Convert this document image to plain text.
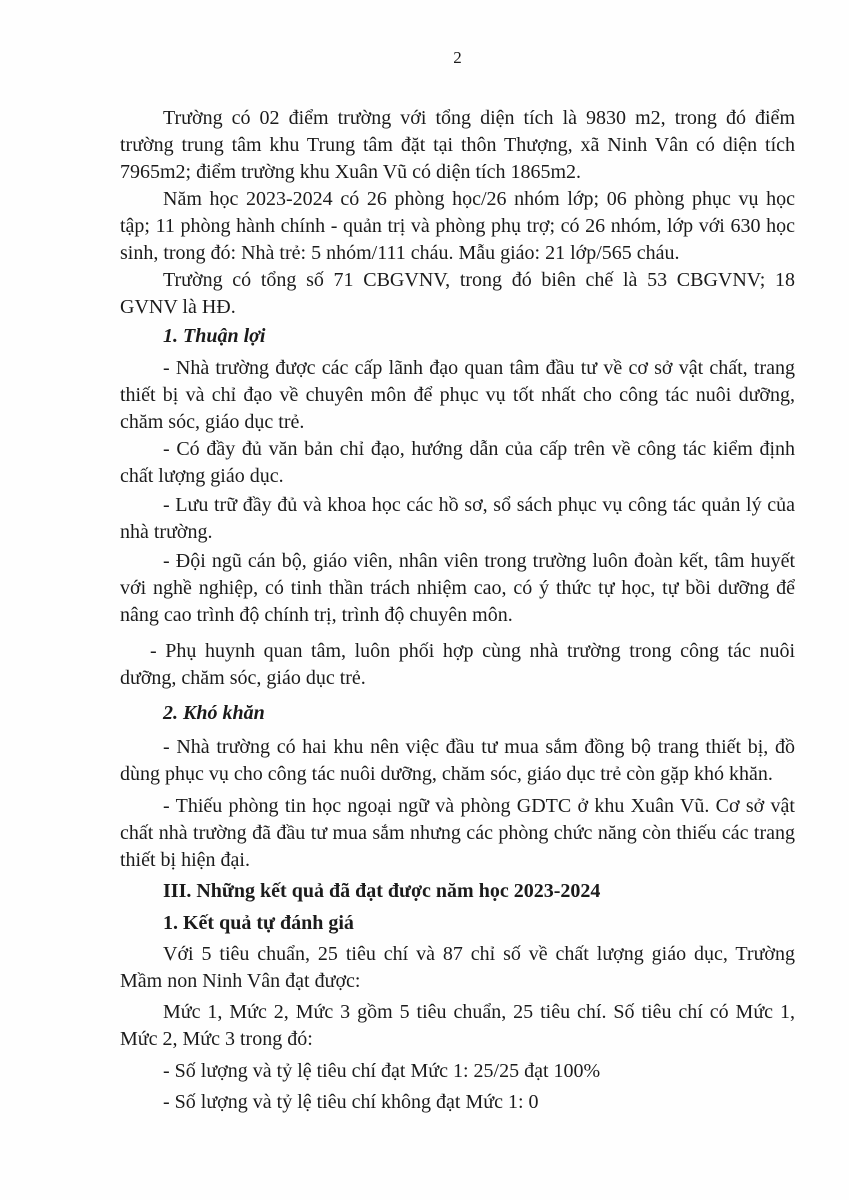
2

Trường có 02 điểm trường với tổng diện tích là 9830 m2, trong đó điểm trường trung tâm khu Trung tâm đặt tại thôn Thượng, xã Ninh Vân có diện tích 7965m2; điểm trường khu Xuân Vũ có diện tích 1865m2.

Năm học 2023-2024 có 26 phòng học/26 nhóm lớp; 06 phòng phục vụ học tập; 11 phòng hành chính - quản trị và phòng phụ trợ; có 26 nhóm, lớp với 630 học sinh, trong đó: Nhà trẻ: 5 nhóm/111 cháu. Mẫu giáo: 21 lớp/565 cháu.

Trường có tổng số 71 CBGVNV, trong đó biên chế là 53 CBGVNV; 18 GVNV là HĐ.

1. Thuận lợi

- Nhà trường được các cấp lãnh đạo quan tâm đầu tư về cơ sở vật chất, trang thiết bị và chỉ đạo về chuyên môn để phục vụ tốt nhất cho công tác nuôi dưỡng, chăm sóc, giáo dục trẻ.

- Có đầy đủ văn bản chỉ đạo, hướng dẫn của cấp trên về công tác kiểm định chất lượng giáo dục.

- Lưu trữ đầy đủ và khoa học các hồ sơ, sổ sách phục vụ công tác quản lý của nhà trường.

- Đội ngũ cán bộ, giáo viên, nhân viên trong trường luôn đoàn kết, tâm huyết với nghề nghiệp, có tinh thần trách nhiệm cao, có ý thức tự học, tự bồi dưỡng để nâng cao trình độ chính trị, trình độ chuyên môn.

- Phụ huynh quan tâm, luôn phối hợp cùng nhà trường trong công tác nuôi dưỡng, chăm sóc, giáo dục trẻ.

2. Khó khăn

- Nhà trường có hai khu nên việc đầu tư mua sắm đồng bộ trang thiết bị, đồ dùng phục vụ cho công tác nuôi dưỡng, chăm sóc, giáo dục trẻ còn gặp khó khăn.

- Thiếu phòng tin học ngoại ngữ và phòng GDTC ở khu Xuân Vũ. Cơ sở vật chất nhà trường đã đầu tư mua sắm nhưng các phòng chức năng còn thiếu các trang thiết bị hiện đại.

III. Những kết quả đã đạt được năm học 2023-2024

1. Kết quả tự đánh giá

Với 5 tiêu chuẩn, 25 tiêu chí và 87 chỉ số về chất lượng giáo dục, Trường Mầm non Ninh Vân đạt được:

Mức 1, Mức 2, Mức 3 gồm 5 tiêu chuẩn, 25 tiêu chí. Số tiêu chí có Mức 1, Mức 2, Mức 3 trong đó:

- Số lượng và tỷ lệ tiêu chí đạt Mức 1: 25/25 đạt 100%

- Số lượng và tỷ lệ tiêu chí không đạt Mức 1: 0
